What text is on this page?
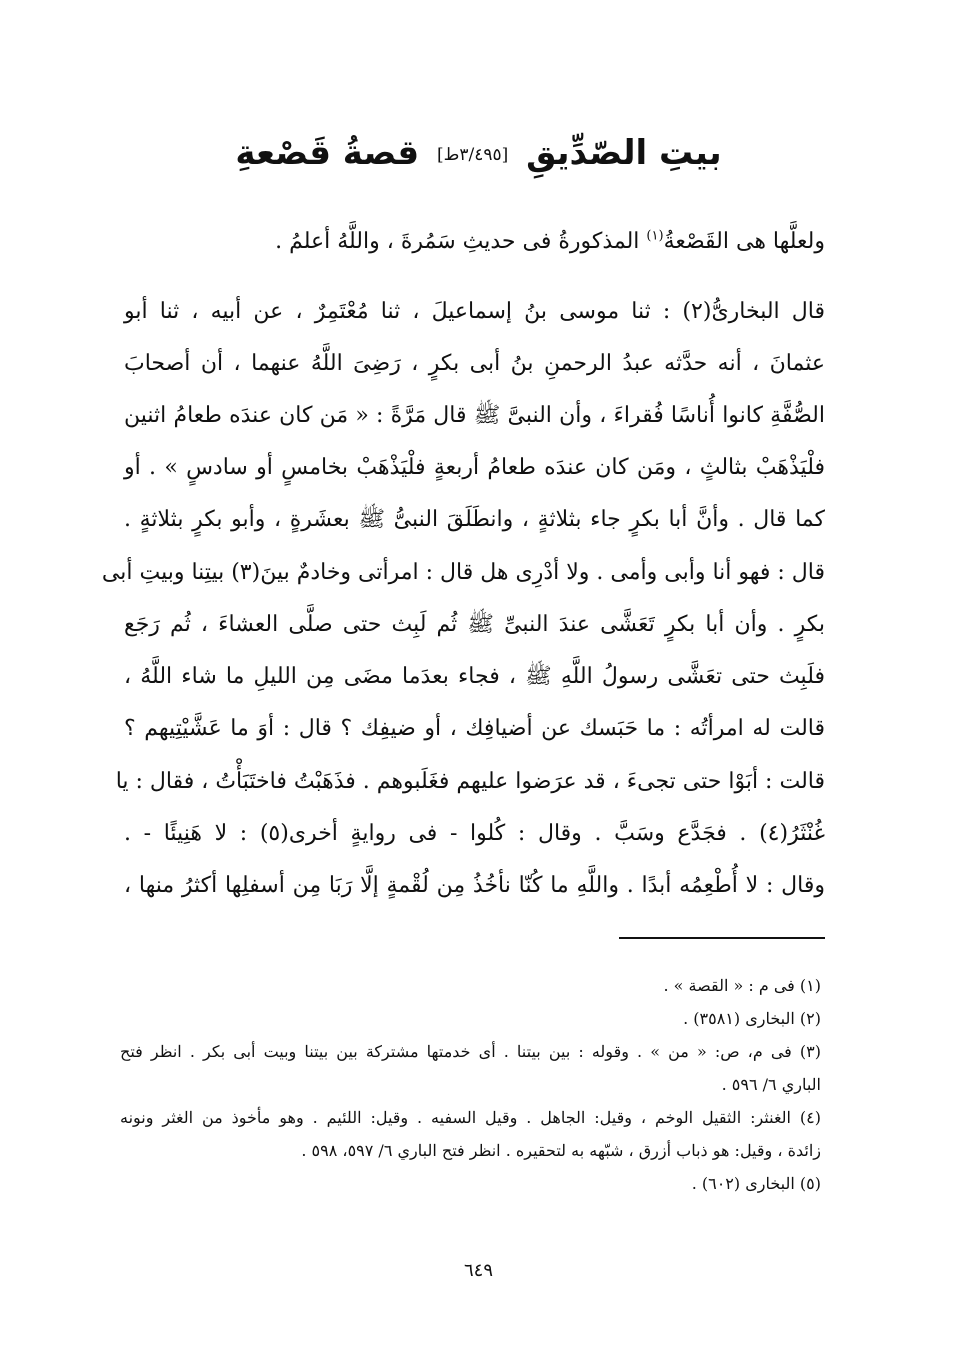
بيتِ الصّدِّيقِ [٣/٤٩٥ط] قصةُ قَصْعةِ
ولعلَّها هى القَصْعةُ$^{(١)}$ المذكورةُ فى حديثِ سَمُرةَ ، واللَّهُ أعلمُ .
قال البخارىُّ(٢) : ثنا موسى بنُ إسماعيلَ ، ثنا مُعْتَمِرٌ ، عن أبيه ، ثنا أبو
عثمانَ ، أنه حدَّثه عبدُ الرحمنِ بنُ أبى بكرٍ ، رَضِىَ اللَّهُ عنهما ، أن أصحابَ
الصُّفَّةِ كانوا أُناسًا فُقراءَ ، وأن النبىَّ ﷺ قال مَرَّةً : « مَن كان عندَه طعامُ اثنين
فلْيَذْهَبْ بثالثٍ ، ومَن كان عندَه طعامُ أربعةٍ فلْيَذْهَبْ بخامسٍ أو سادسٍ » . أو
كما قال . وأنَّ أبا بكرٍ جاء بثلاثةٍ ، وانطَلَقَ النبىُّ ﷺ بعشَرةٍ ، وأبو بكرٍ بثلاثةٍ .
قال : فهو أنا وأبى وأمى . ولا أدْرِى هل قال : امرأتى وخادمٌ بينَ(٣) بيتِنا وبيتِ أبى
بكرٍ . وأن أبا بكرٍ تَعَشَّى عندَ النبىِّ ﷺ ثُم لَبِث حتى صلَّى العشاءَ ، ثُم رَجَع
فلَبِث حتى تعَشَّى رسولُ اللَّهِ ﷺ ، فجاء بعدَما مضَى مِن الليلِ ما شاء اللَّهُ ،
قالت له امرأتُه : ما حَبَسك عن أضيافِك ، أو ضيفِك ؟ قال : أوَ ما عَشَّيْتِيهم ؟
قالت : أبَوْا حتى تجىءَ ، قد عرَضوا عليهم فغَلَبوهم . فذَهَبْتُ فاختَبَأْتُ ، فقال : يا
غُنْثَرُ(٤) . فجَدَّع وسَبَّ . وقال : كُلوا - فى روايةٍ أخرى(٥) : لا هَنِيئًا - .
وقال : لا أُطْعِمُه أبدًا . واللَّهِ ما كُنّا نأخُذُ مِن لُقْمةٍ إلَّا رَبَا مِن أسفلِها أكثرُ منها ،
(١) فى م : « القصة » .
(٢) البخارى (٣٥٨١) .
(٣) فى م، ص: « من » . وقوله : بين بيتنا . أى خدمتها مشتركة بين بيتنا وبيت أبى بكر . انظر فتح
الباري ٦/ ٥٩٦ .
(٤) الغنثر: الثقيل الوخم ، وقيل: الجاهل . وقيل السفيه . وقيل: اللئيم . وهو مأخوذ من الغثر ونونه
زائدة ، وقيل: هو ذباب أزرق ، شبّهه به لتحقيره . انظر فتح الباري ٦/ ٥٩٧، ٥٩٨ .
(٥) البخارى (٦٠٢) .
٦٤٩
